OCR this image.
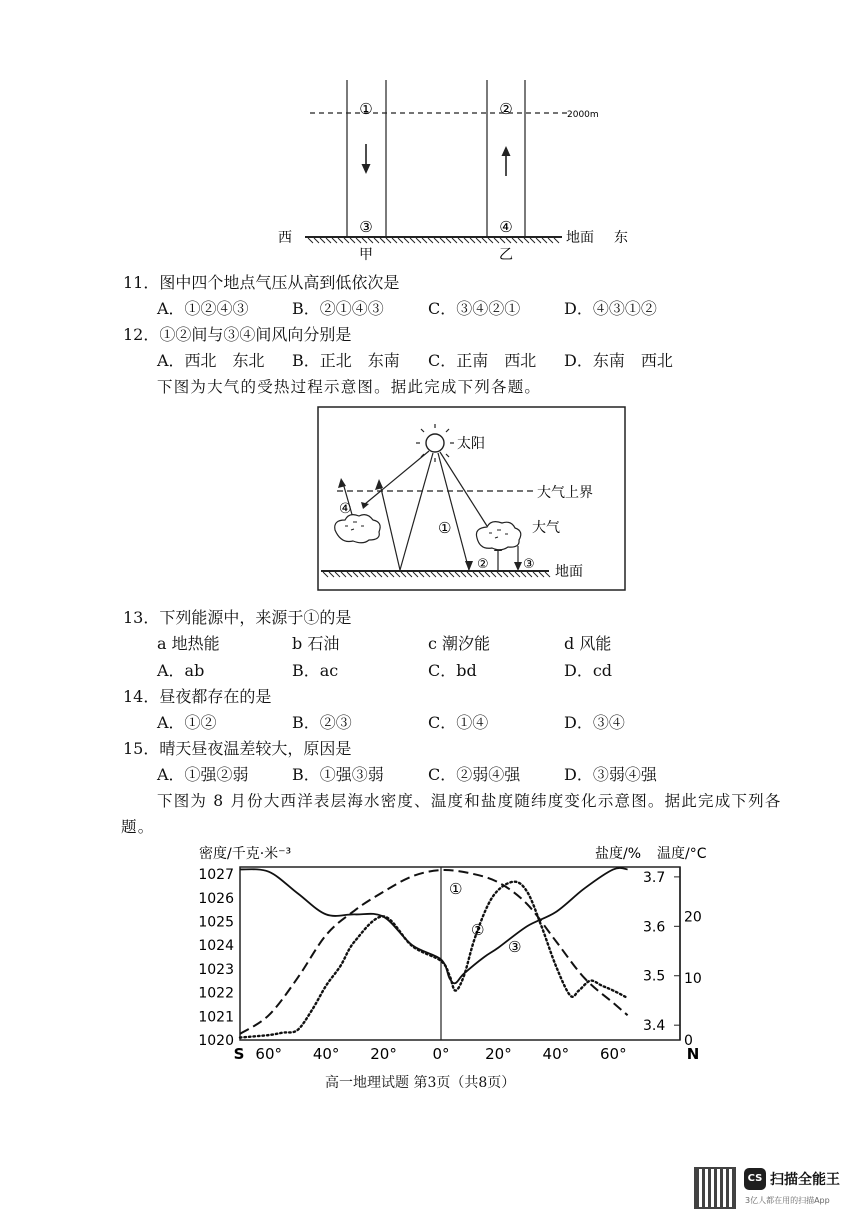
①	②
③	④
2000m
西	地面 东
甲	乙
11．图中四个地点气压从高到低依次是
A．①②④③	B．②①④③	C．③④②①	D．④③①②
12．①②间与③④间风向分别是
A．西北　东北 B．正北　东南 C．正南　西北 D．东南　西北
下图为大气的受热过程示意图。据此完成下列各题。
太阳
大气上界
大气
地面
④
①
②	③
13．下列能源中，来源于①的是
a 地热能	b 石油	c 潮汐能	d 风能
A．ab	B．ac	C．bd	D．cd
14．昼夜都存在的是
A．①②	B．②③	C．①④	D．③④
15．晴天昼夜温差较大，原因是
A．①强②弱	B．①强③弱	C．②弱④强	D．③弱④强
下图为 8 月份大西洋表层海水密度、温度和盐度随纬度变化示意图。据此完成下列各
题。
密度/千克·米⁻³	盐度/% 温度/°C
1027
1026
1025
1024
1023
1022
1021
1020
3.7
3.6
3.5
3.4
20
10
0
S 60° 40° 20° 0° 20° 40° 60°	N
①
②
③
高一地理试题 第3页（共8页）
CS 扫描全能王
3亿人都在用的扫描App
